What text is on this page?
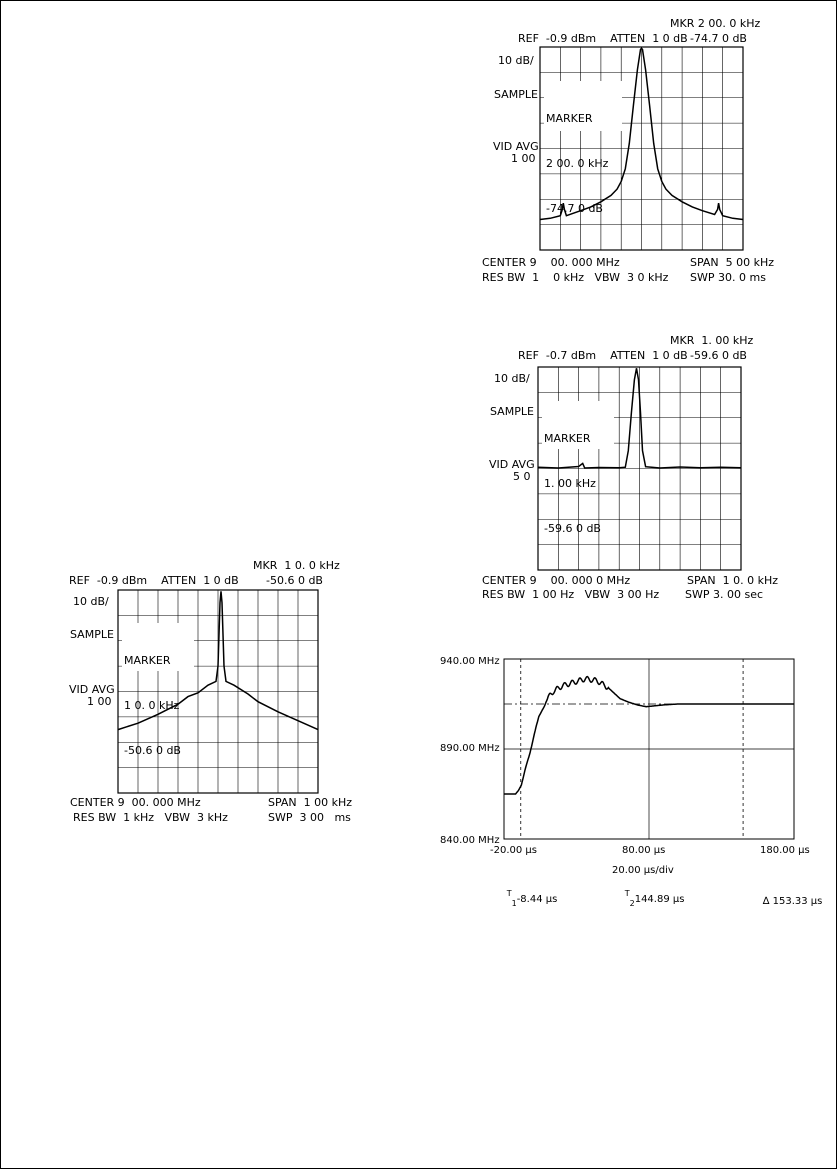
MKR 2 00. 0 kHz
REF  -0.9 dBm    ATTEN  1 0 dB -74.7 0 dB
10 dB/
SAMPLE
VID AVG
1 00

MARKER

2 00. 0 kHz

-74.7 0 dB

CENTER 9    00. 000 MHz	SPAN  5 00 kHz
RES BW  1    0 kHz   VBW  3 0 kHz SWP 30. 0 ms
MKR  1. 00 kHz
REF  -0.7 dBm    ATTEN  1 0 dB -59.6 0 dB
10 dB/
SAMPLE
VID AVG
5 0

MARKER

1. 00 kHz

-59.6 0 dB

CENTER 9    00. 000 0 MHz	SPAN  1 0. 0 kHz
RES BW  1 00 Hz   VBW  3 00 Hz SWP 3. 00 sec
MKR  1 0. 0 kHz
REF  -0.9 dBm    ATTEN  1 0 dB -50.6 0 dB
10 dB/
SAMPLE
VID AVG
1 00

MARKER

1 0. 0 kHz

-50.6 0 dB

CENTER 9  00. 000 MHz	SPAN  1 00 kHz
RES BW  1 kHz   VBW  3 kHz	SWP  3 00   ms
940.00 MHz
890.00 MHz
840.00 MHz
-20.00 µs	80.00 µs	180.00 µs
20.00 µs/div

$^T_1$-8.44 µs

$^T_2$144.89 µs
	∆ 153.33 µs
